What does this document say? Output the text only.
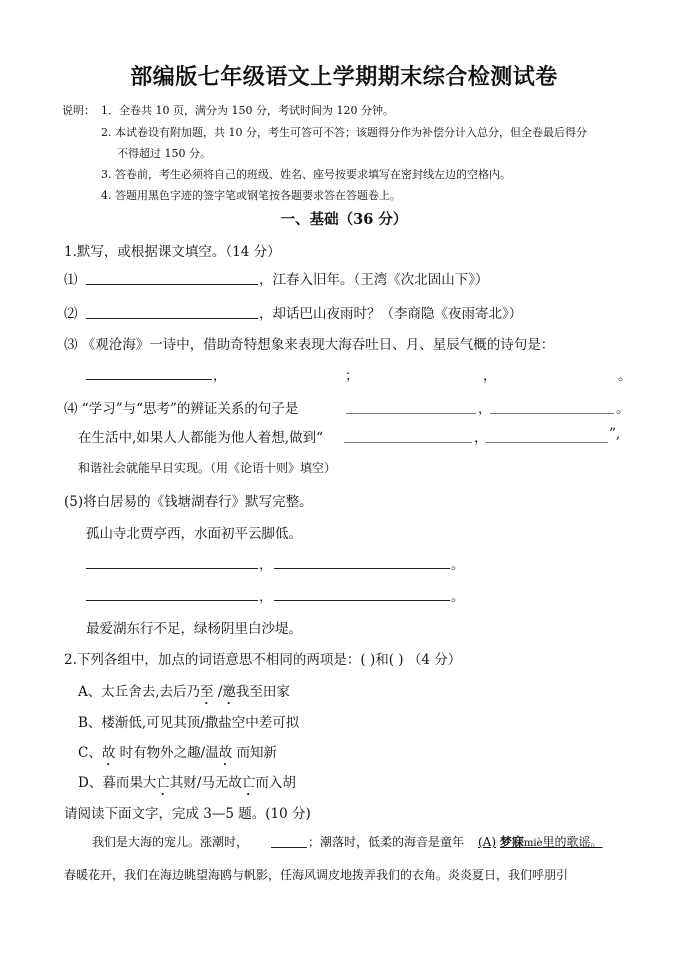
部编版七年级语文上学期期末综合检测试卷
说明： 1．全卷共 10 页，满分为 150 分，考试时间为 120 分钟。
2. 本试卷设有附加题，共 10 分，考生可答可不答；该题得分作为补偿分计入总分，但全卷最后得分
不得超过 150 分。
3. 答卷前，考生必须将自己的班级、姓名、座号按要求填写在密封线左边的空格内。
4. 答题用黑色字迹的签字笔或钢笔按各题要求答在答题卷上。
一、基础（36 分）
1.默写，或根据课文填空。（14 分）
⑴	，江春入旧年。（王湾《次北固山下》）
⑵	，却话巴山夜雨时？（李商隐《夜雨寄北》）
⑶ 《观沧海》一诗中，借助奇特想象来表现大海吞吐日、月、星辰气概的诗句是：
，	；	，	。
⑷ “学习”与“思考”的辨证关系的句子是	，	。
在生活中,如果人人都能为他人着想,做到“	，	”,
和谐社会就能早日实现。（用《论语十则》填空）
(5)将白居易的《钱塘湖春行》默写完整。
孤山寺北贾亭西，水面初平云脚低。
，	。
，	。
最爱湖东行不足，绿杨阴里白沙堤。
2.下列各组中，加点的词语意思不相同的两项是：( )和( ) （4 分）
A、太丘舍去,去后乃至 /邀我至田家
B、楼渐低,可见其顶/撒盐空中差可拟
C、故 时有物外之趣/温故 而知新
D、暮而果大亡其财/马无故亡而入胡
请阅读下面文字，完成 3—5 题。(10 分)
我们是大海的宠儿。涨潮时，	；潮落时，低柔的海音是童年 (A) 梦寐miè里的歌谣。
春暖花开，我们在海边眺望海鸥与帆影，任海风调皮地拨弄我们的衣角。炎炎夏日，我们呼朋引
